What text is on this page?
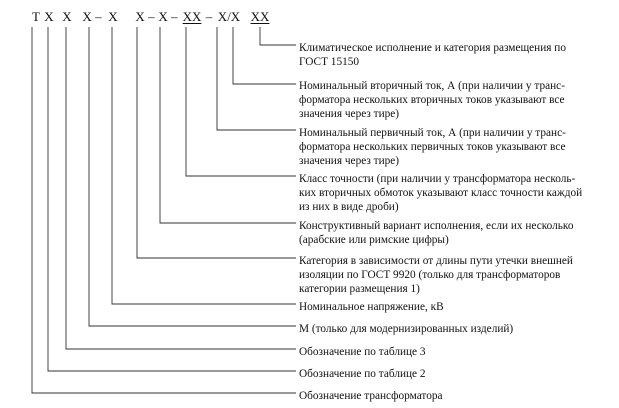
Т Х Х Х – Х Х – Х – ХХ – Х/Х ХХ
Климатическое исполнение и категория размещения по
ГОСТ 15150
Номинальный вторичный ток, А (при наличии у транс-
форматора нескольких вторичных токов указывают все
значения через тире)
Номинальный первичный ток, А (при наличии у транс-
форматора нескольких первичных токов указывают все
значения через тире)
Класс точности (при наличии у трансформатора несколь-
ких вторичных обмоток указывают класс точности каждой
из них в виде дроби)
Конструктивный вариант исполнения, если их несколько
(арабские или римские цифры)
Категория в зависимости от длины пути утечки внешней
изоляции по ГОСТ 9920 (только для трансформаторов
категории размещения 1)
Номинальное напряжение, кВ
М (только для модернизированных изделий)
Обозначение по таблице 3
Обозначение по таблице 2
Обозначение трансформатора
